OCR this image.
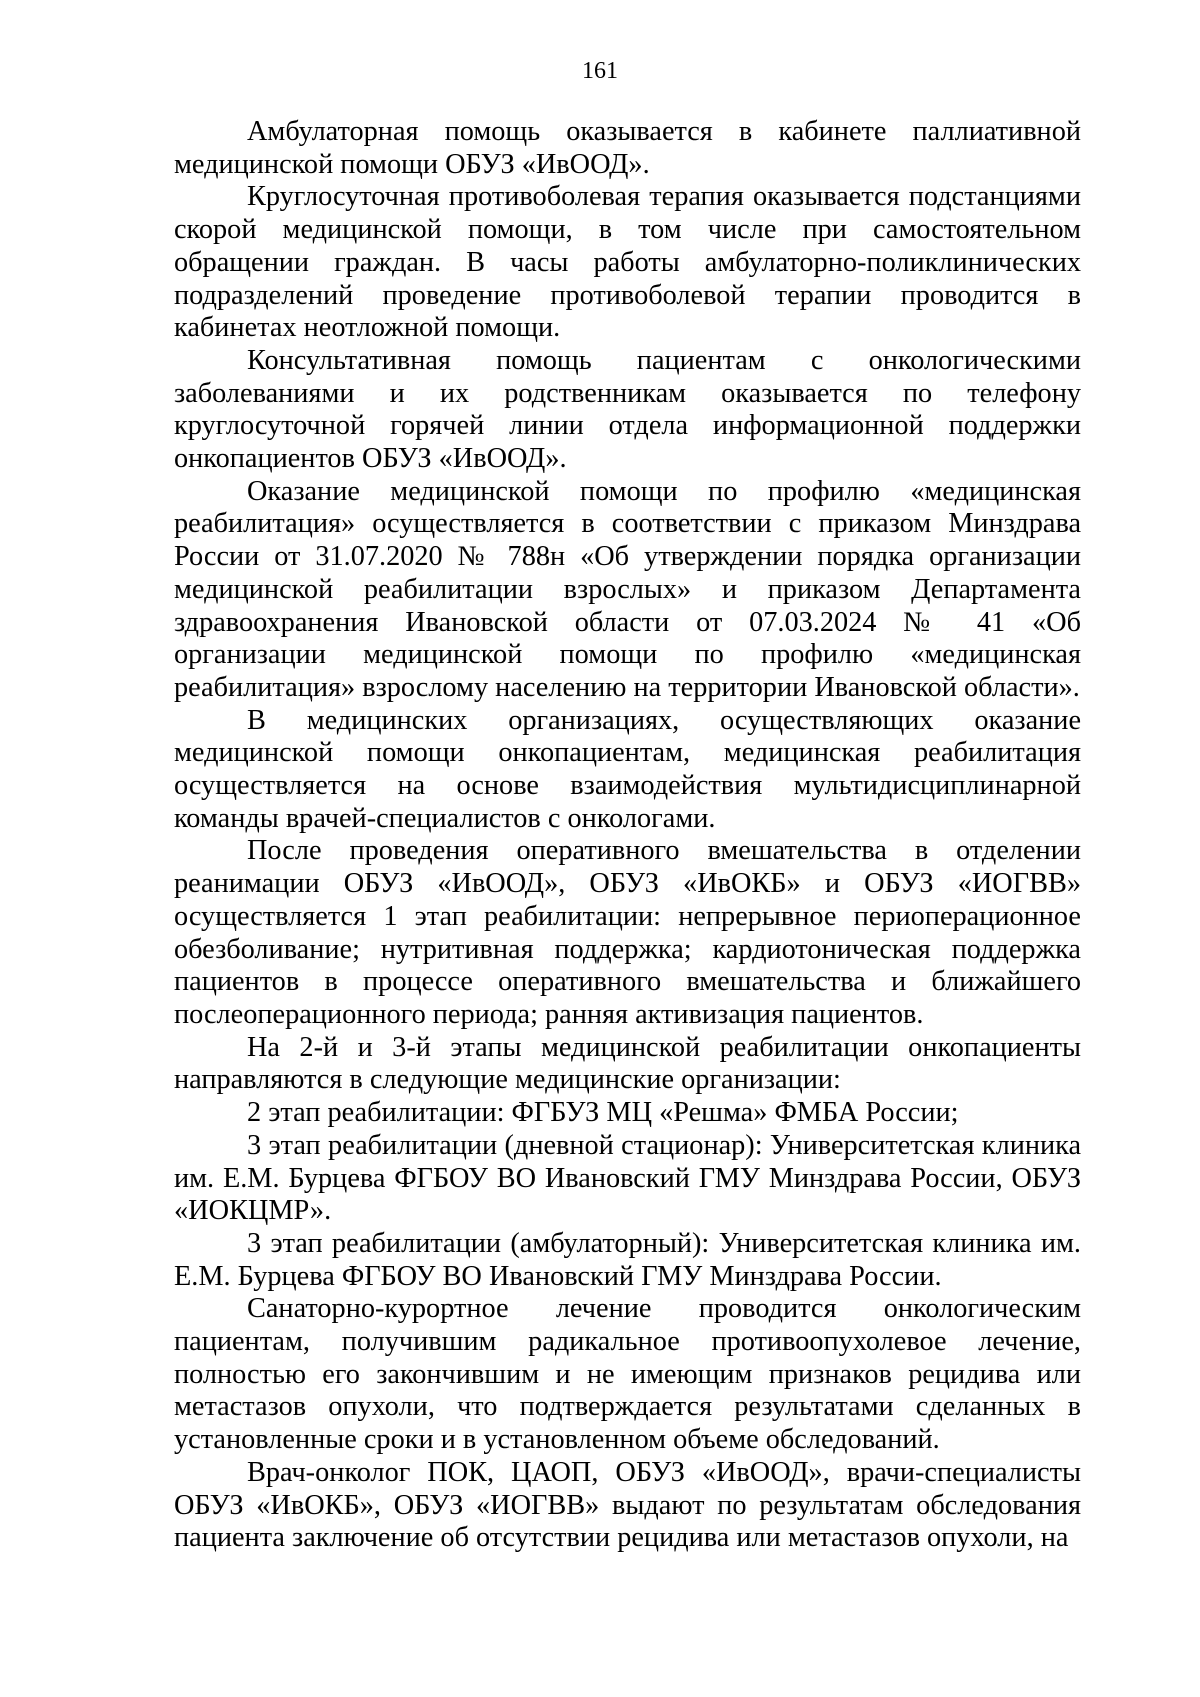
161

Амбулаторная помощь оказывается в кабинете паллиативной медицинской помощи ОБУЗ «ИвООД».

Круглосуточная противоболевая терапия оказывается подстанциями скорой медицинской помощи, в том числе при самостоятельном обращении граждан. В часы работы амбулаторно-поликлинических подразделений проведение противоболевой терапии проводится в кабинетах неотложной помощи.

Консультативная помощь пациентам с онкологическими заболеваниями и их родственникам оказывается по телефону круглосуточной горячей линии отдела информационной поддержки онкопациентов ОБУЗ «ИвООД».

Оказание медицинской помощи по профилю «медицинская реабилитация» осуществляется в соответствии с приказом Минздрава России от 31.07.2020 № 788н «Об утверждении порядка организации медицинской реабилитации взрослых» и приказом Департамента здравоохранения Ивановской области от 07.03.2024 № 41 «Об организации медицинской помощи по профилю «медицинская реабилитация» взрослому населению на территории Ивановской области».

В медицинских организациях, осуществляющих оказание медицинской помощи онкопациентам, медицинская реабилитация осуществляется на основе взаимодействия мультидисциплинарной команды врачей-специалистов с онкологами.

После проведения оперативного вмешательства в отделении реанимации ОБУЗ «ИвООД», ОБУЗ «ИвОКБ» и ОБУЗ «ИОГВВ» осуществляется 1 этап реабилитации: непрерывное периоперационное обезболивание; нутритивная поддержка; кардиотоническая поддержка пациентов в процессе оперативного вмешательства и ближайшего послеоперационного периода; ранняя активизация пациентов.

На 2-й и 3-й этапы медицинской реабилитации онкопациенты направляются в следующие медицинские организации:

2 этап реабилитации: ФГБУЗ МЦ «Решма» ФМБА России;

3 этап реабилитации (дневной стационар): Университетская клиника им. Е.М. Бурцева ФГБОУ ВО Ивановский ГМУ Минздрава России, ОБУЗ «ИОКЦМР».

3 этап реабилитации (амбулаторный): Университетская клиника им. Е.М. Бурцева ФГБОУ ВО Ивановский ГМУ Минздрава России.

Санаторно-курортное лечение проводится онкологическим пациентам, получившим радикальное противоопухолевое лечение, полностью его закончившим и не имеющим признаков рецидива или метастазов опухоли, что подтверждается результатами сделанных в установленные сроки и в установленном объеме обследований.

Врач-онколог ПОК, ЦАОП, ОБУЗ «ИвООД», врачи-специалисты ОБУЗ «ИвОКБ», ОБУЗ «ИОГВВ» выдают по результатам обследования пациента заключение об отсутствии рецидива или метастазов опухоли, на
